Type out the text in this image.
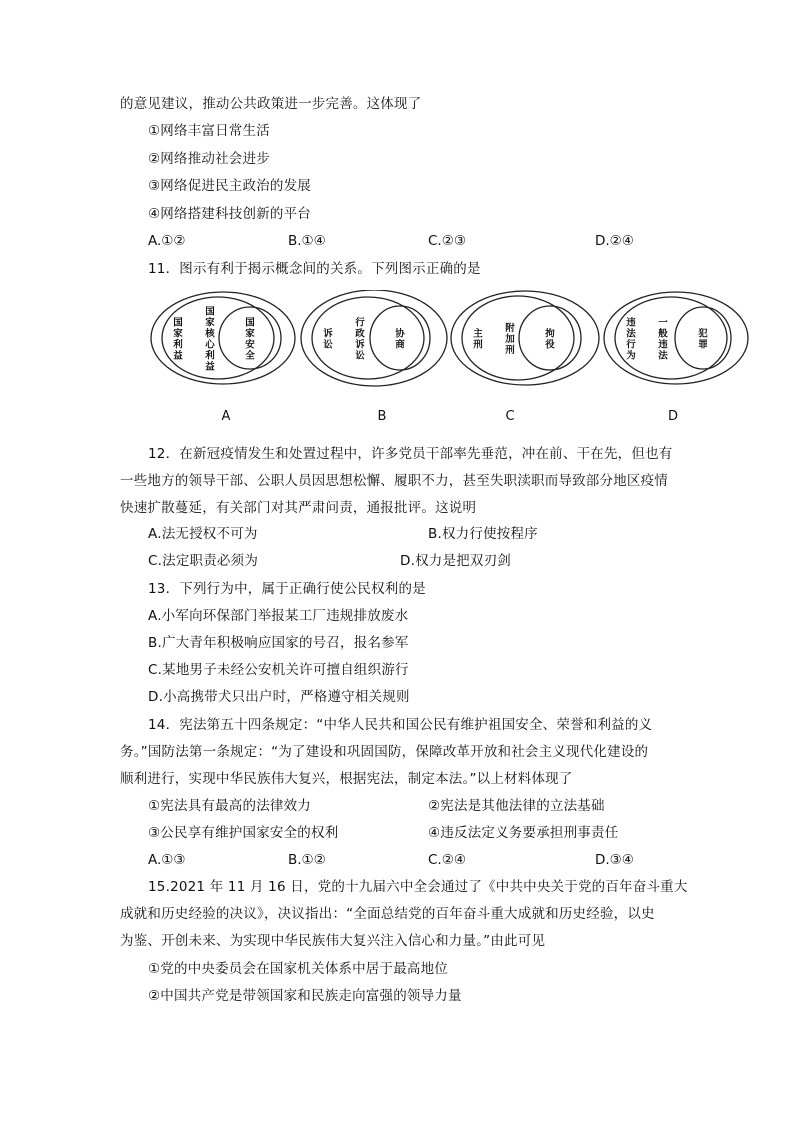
的意见建议，推动公共政策进一步完善。这体现了
①网络丰富日常生活
②网络推动社会进步
③网络促进民主政治的发展
④网络搭建科技创新的平台
A.①②	B.①④	C.②③	D.②④
11．图示有利于揭示概念间的关系。下列图示正确的是
国
家
利
益
国
家
核
心
利
益
国
家
安
全
A
诉
讼
行
政
诉
讼
协
商
B
主
刑
附
加
刑
拘
役
C
违
法
行
为
一
般
违
法
犯
罪
D
12．在新冠疫情发生和处置过程中，许多党员干部率先垂范，冲在前、干在先，但也有
一些地方的领导干部、公职人员因思想松懈、履职不力，甚至失职渎职而导致部分地区疫情
快速扩散蔓延，有关部门对其严肃问责，通报批评。这说明
A.法无授权不可为	B.权力行使按程序
C.法定职责必须为	D.权力是把双刃剑
13．下列行为中，属于正确行使公民权利的是
A.小军向环保部门举报某工厂违规排放废水
B.广大青年积极响应国家的号召，报名参军
C.某地男子未经公安机关许可擅自组织游行
D.小高携带犬只出户时，严格遵守相关规则
14．宪法第五十四条规定：“中华人民共和国公民有维护祖国安全、荣誉和利益的义
务。”国防法第一条规定：“为了建设和巩固国防，保障改革开放和社会主义现代化建设的
顺利进行，实现中华民族伟大复兴，根据宪法，制定本法。”以上材料体现了
①宪法具有最高的法律效力	②宪法是其他法律的立法基础
③公民享有维护国家安全的权利	④违反法定义务要承担刑事责任
A.①③	B.①②	C.②④	D.③④
15.2021 年 11 月 16 日，党的十九届六中全会通过了《中共中央关于党的百年奋斗重大
成就和历史经验的决议》，决议指出：“全面总结党的百年奋斗重大成就和历史经验，以史
为鉴、开创未来、为实现中华民族伟大复兴注入信心和力量。”由此可见
①党的中央委员会在国家机关体系中居于最高地位
②中国共产党是带领国家和民族走向富强的领导力量
